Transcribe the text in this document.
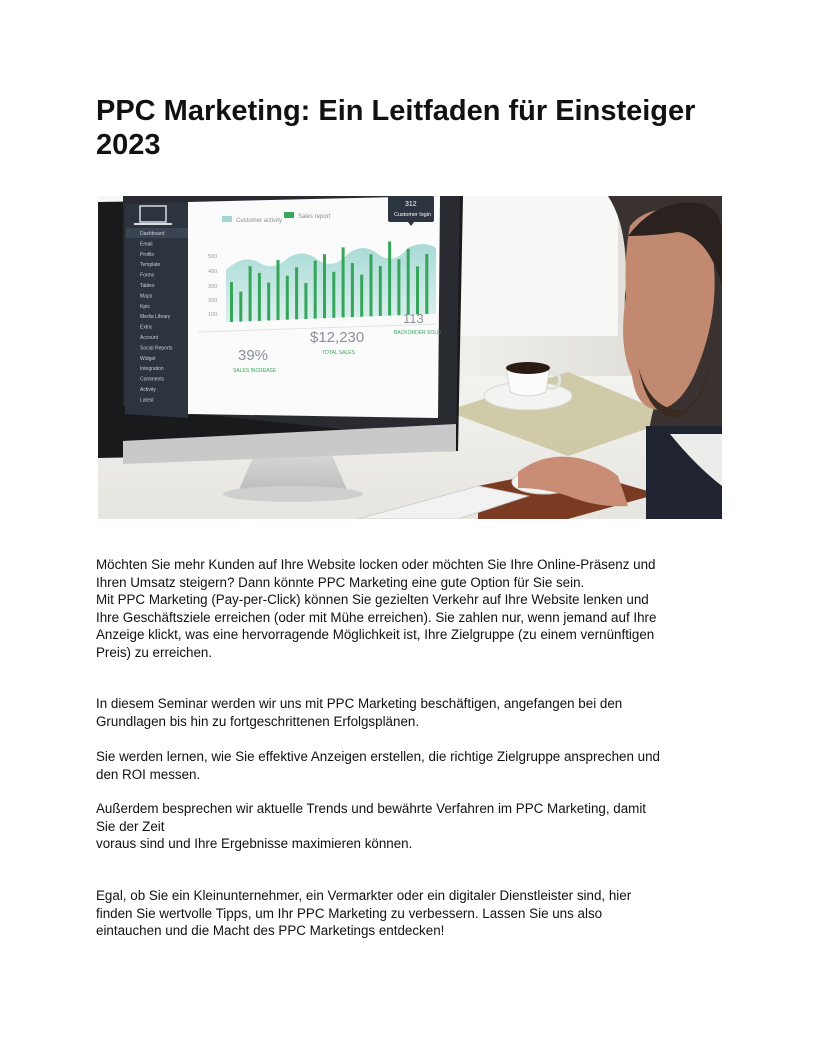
PPC Marketing: Ein Leitfaden für Einsteiger 2023
Dashboard
Email
Profile
Template
Forms
Tables
Maps
Kpis
Media Library
Extra
Account
Social Reports
Widget
Integration
Comments
Activity
Latest
Customer activity
Sales report
312
Customer login
500
400
300
200
100
39%
SALES INCREASE
$12,230
TOTAL SALES
113
BACKORDER SOLD

Möchten Sie mehr Kunden auf Ihre Website locken oder möchten Sie Ihre Online-Präsenz und
Ihren Umsatz steigern? Dann könnte PPC Marketing eine gute Option für Sie sein.
Mit PPC Marketing (Pay-per-Click) können Sie gezielten Verkehr auf Ihre Website lenken und
Ihre Geschäftsziele erreichen (oder mit Mühe erreichen). Sie zahlen nur, wenn jemand auf Ihre
Anzeige klickt, was eine hervorragende Möglichkeit ist, Ihre Zielgruppe (zu einem vernünftigen
Preis) zu erreichen.

In diesem Seminar werden wir uns mit PPC Marketing beschäftigen, angefangen bei den
Grundlagen bis hin zu fortgeschrittenen Erfolgsplänen.

Sie werden lernen, wie Sie effektive Anzeigen erstellen, die richtige Zielgruppe ansprechen und
den ROI messen.

Außerdem besprechen wir aktuelle Trends und bewährte Verfahren im PPC Marketing, damit
Sie der Zeit
voraus sind und Ihre Ergebnisse maximieren können.

Egal, ob Sie ein Kleinunternehmer, ein Vermarkter oder ein digitaler Dienstleister sind, hier
finden Sie wertvolle Tipps, um Ihr PPC Marketing zu verbessern. Lassen Sie uns also
eintauchen und die Macht des PPC Marketings entdecken!
